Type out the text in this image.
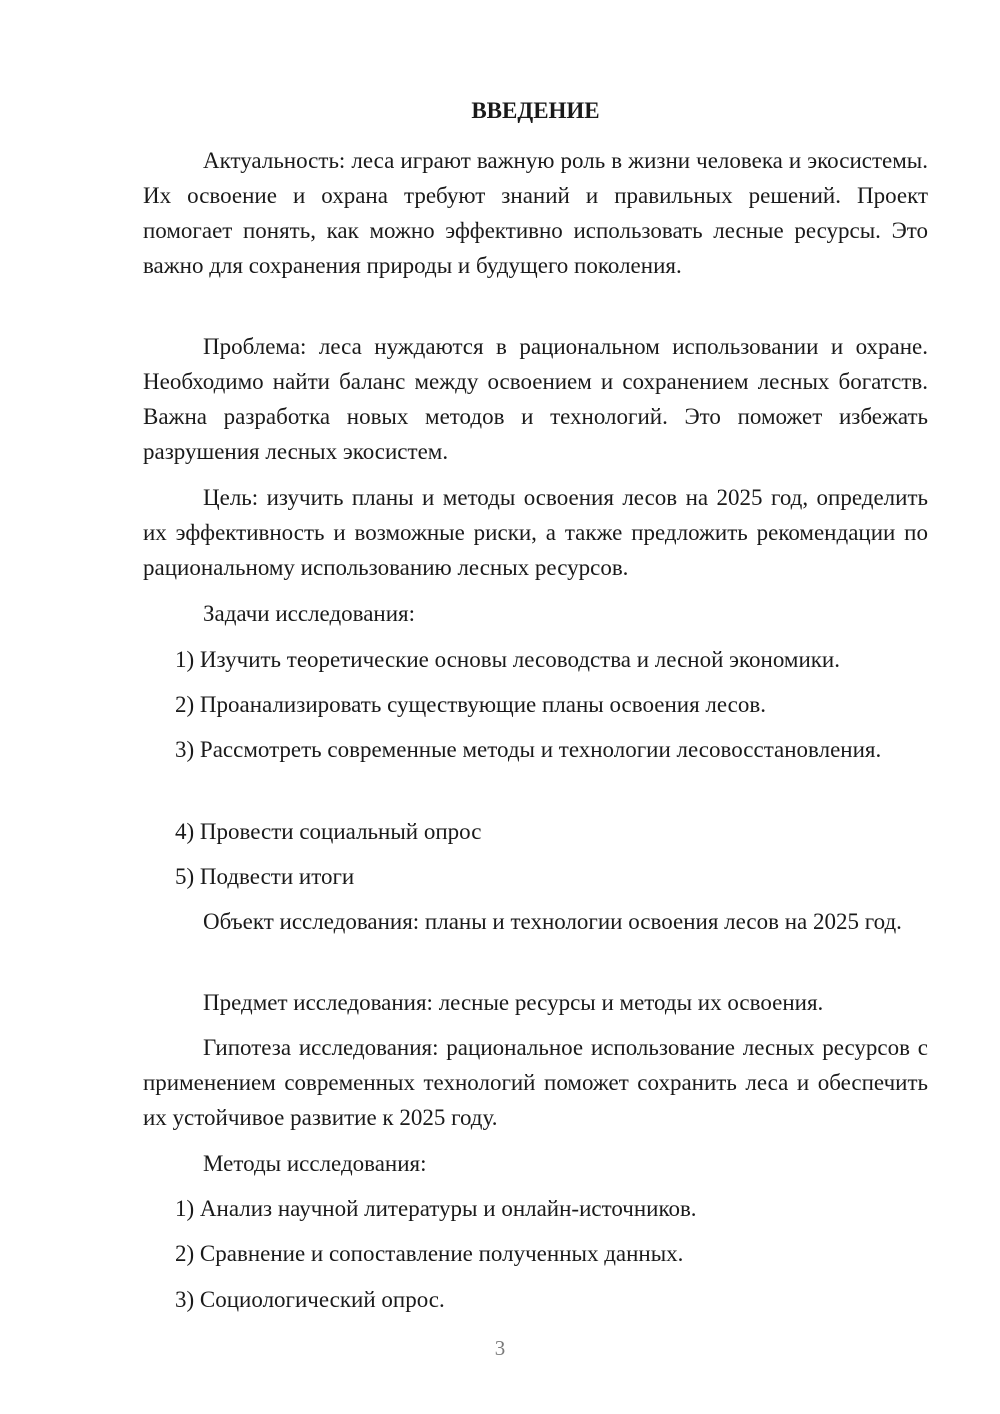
ВВЕДЕНИЕ

Актуальность: леса играют важную роль в жизни человека и экосистемы. Их освоение и охрана требуют знаний и правильных решений. Проект помогает понять, как можно эффективно использовать лесные ресурсы. Это важно для сохранения природы и будущего поколения.

Проблема: леса нуждаются в рациональном использовании и охране. Необходимо найти баланс между освоением и сохранением лесных богатств. Важна разработка новых методов и технологий. Это поможет избежать разрушения лесных экосистем.

Цель: изучить планы и методы освоения лесов на 2025 год, определить их эффективность и возможные риски, а также предложить рекомендации по рациональному использованию лесных ресурсов.

Задачи исследования:

1) Изучить теоретические основы лесоводства и лесной экономики.

2) Проанализировать существующие планы освоения лесов.

3) Рассмотреть современные методы и технологии лесовосстановления.

4) Провести социальный опрос

5) Подвести итоги

Объект исследования: планы и технологии освоения лесов на 2025 год.

Предмет исследования: лесные ресурсы и методы их освоения.

Гипотеза исследования: рациональное использование лесных ресурсов с применением современных технологий поможет сохранить леса и обеспечить их устойчивое развитие к 2025 году.

Методы исследования:

1) Анализ научной литературы и онлайн-источников.

2) Сравнение и сопоставление полученных данных.

3) Социологический опрос.

3
